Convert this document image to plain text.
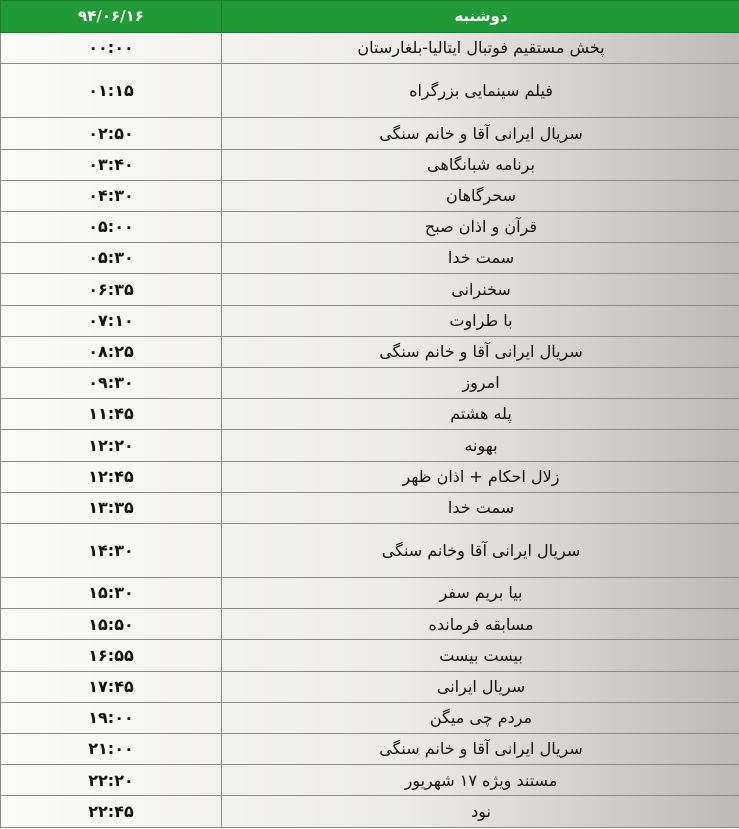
۹۴/۰۶/۱۶	دوشنبه
۰۰:۰۰	پخش مستقیم فوتبال ایتالیا-بلغارستان
۰۱:۱۵	فیلم سینمایی بزرگراه
۰۲:۵۰	سریال ایرانی آقا و خانم سنگی
۰۳:۴۰	برنامه شبانگاهی
۰۴:۳۰	سحرگاهان
۰۵:۰۰	قرآن و اذان صبح
۰۵:۳۰	سمت خدا
۰۶:۳۵	سخنرانی
۰۷:۱۰	با طراوت
۰۸:۲۵	سریال ایرانی آقا و خانم سنگی
۰۹:۳۰	امروز
۱۱:۴۵	پله هشتم
۱۲:۲۰	بهونه
۱۲:۴۵	زلال احکام + اذان ظهر
۱۳:۳۵	سمت خدا
۱۴:۳۰	سریال ایرانی آقا وخانم سنگی
۱۵:۳۰	بیا بریم سفر
۱۵:۵۰	مسابقه فرمانده
۱۶:۵۵	بیست بیست
۱۷:۴۵	سریال ایرانی
۱۹:۰۰	مردم چی میگن
۲۱:۰۰	سریال ایرانی آقا و خانم سنگی
۲۲:۲۰	مستند ویژه ۱۷ شهریور
۲۲:۴۵	نود
